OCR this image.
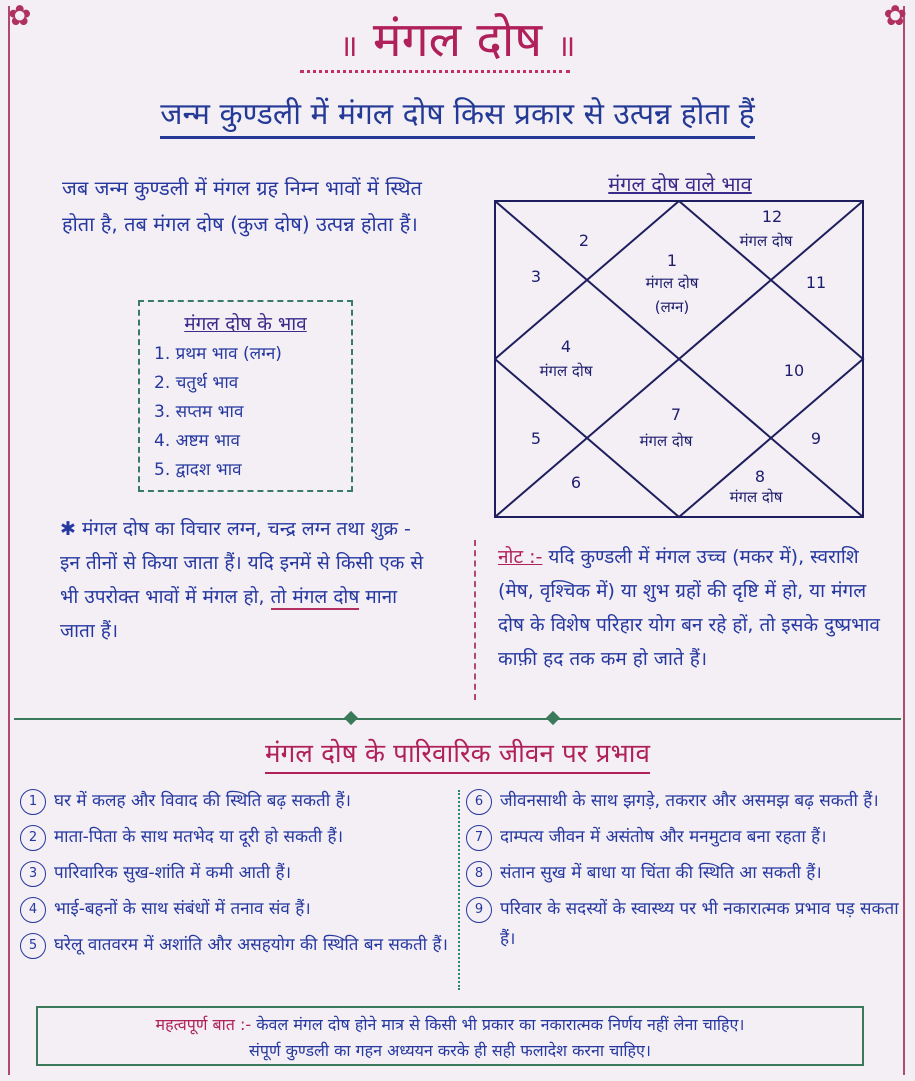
✿	✿
॥ मंगल दोष ॥
जन्म कुण्डली में मंगल दोष किस प्रकार से उत्पन्न होता हैं
जब जन्म कुण्डली में मंगल ग्रह निम्न भावों में स्थित होता है, तब मंगल दोष (कुज दोष) उत्पन्न होता हैं।
मंगल दोष के भाव
1. प्रथम भाव (लग्न)
2. चतुर्थ भाव
3. सप्तम भाव
4. अष्टम भाव
5. द्वादश भाव
मंगल दोष वाले भाव
1
मंगल दोष
(लग्न)
2
3
4
मंगल दोष
5
6
7
मंगल दोष
8
मंगल दोष
9
10
11
12
मंगल दोष
✱ मंगल दोष का विचार लग्न, चन्द्र लग्न तथा शुक्र - इन तीनों से किया जाता हैं। यदि इनमें से किसी एक से भी उपरोक्त भावों में मंगल हो, तो मंगल दोष माना जाता हैं।
नोट :- यदि कुण्डली में मंगल उच्च (मकर में), स्वराशि (मेष, वृश्चिक में) या शुभ ग्रहों की दृष्टि में हो, या मंगल दोष के विशेष परिहार योग बन रहे हों, तो इसके दुष्प्रभाव काफ़ी हद तक कम हो जाते हैं।
मंगल दोष के पारिवारिक जीवन पर प्रभाव
1 घर में कलह और विवाद की स्थिति बढ़ सकती हैं।
2 माता-पिता के साथ मतभेद या दूरी हो सकती हैं।
3 पारिवारिक सुख-शांति में कमी आती हैं।
4 भाई-बहनों के साथ संबंधों में तनाव संव हैं।
5 घरेलू वातवरम में अशांति और असहयोग की स्थिति बन सकती हैं।
6 जीवनसाथी के साथ झगड़े, तकरार और असमझ बढ़ सकती हैं।
7 दाम्पत्य जीवन में असंतोष और मनमुटाव बना रहता हैं।
8 संतान सुख में बाधा या चिंता की स्थिति आ सकती हैं।
9 परिवार के सदस्यों के स्वास्थ्य पर भी नकारात्मक प्रभाव पड़ सकता हैं।
महत्वपूर्ण बात :- केवल मंगल दोष होने मात्र से किसी भी प्रकार का नकारात्मक निर्णय नहीं लेना चाहिए।
संपूर्ण कुण्डली का गहन अध्ययन करके ही सही फलादेश करना चाहिए।
